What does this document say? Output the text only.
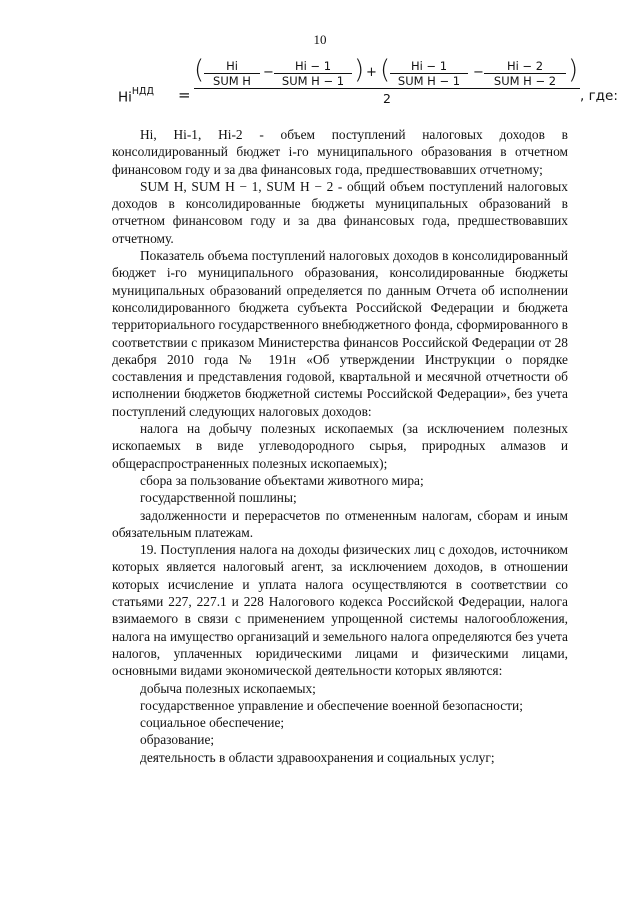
10
$Hi^{НДД}$ =
(	Hi
SUM H
−	Hi − 1
SUM H − 1 ) + (	Hi − 1
SUM H − 1
−	Hi − 2
SUM H − 2 )
2	, где:

Hi, Hi-1, Hi-2 - объем поступлений налоговых доходов в консолидированный бюджет i-го муниципального образования в отчетном финансовом году и за два финансовых года, предшествовавших отчетному;

SUM H, SUM H − 1, SUM H − 2 - общий объем поступлений налоговых доходов в консолидированные бюджеты муниципальных образований в отчетном финансовом году и за два финансовых года, предшествовавших отчетному.

Показатель объема поступлений налоговых доходов в консолидированный бюджет i-го муниципального образования, консолидированные бюджеты муниципальных образований определяется по данным Отчета об исполнении консолидированного бюджета субъекта Российской Федерации и бюджета территориального государственного внебюджетного фонда, сформированного в соответствии с приказом Министерства финансов Российской Федерации от 28 декабря 2010 года № 191н «Об утверждении Инструкции о порядке составления и представления годовой, квартальной и месячной отчетности об исполнении бюджетов бюджетной системы Российской Федерации», без учета поступлений следующих налоговых доходов:

налога на добычу полезных ископаемых (за исключением полезных ископаемых в виде углеводородного сырья, природных алмазов и общераспространенных полезных ископаемых);

сбора за пользование объектами животного мира;

государственной пошлины;

задолженности и перерасчетов по отмененным налогам, сборам и иным обязательным платежам.

19. Поступления налога на доходы физических лиц с доходов, источником которых является налоговый агент, за исключением доходов, в отношении которых исчисление и уплата налога осуществляются в соответствии со статьями 227, 227.1 и 228 Налогового кодекса Российской Федерации, налога взимаемого в связи с применением упрощенной системы налогообложения, налога на имущество организаций и земельного налога определяются без учета налогов, уплаченных юридическими лицами и физическими лицами, основными видами экономической деятельности которых являются:

добыча полезных ископаемых;

государственное управление и обеспечение военной безопасности;

социальное обеспечение;

образование;

деятельность в области здравоохранения и социальных услуг;
